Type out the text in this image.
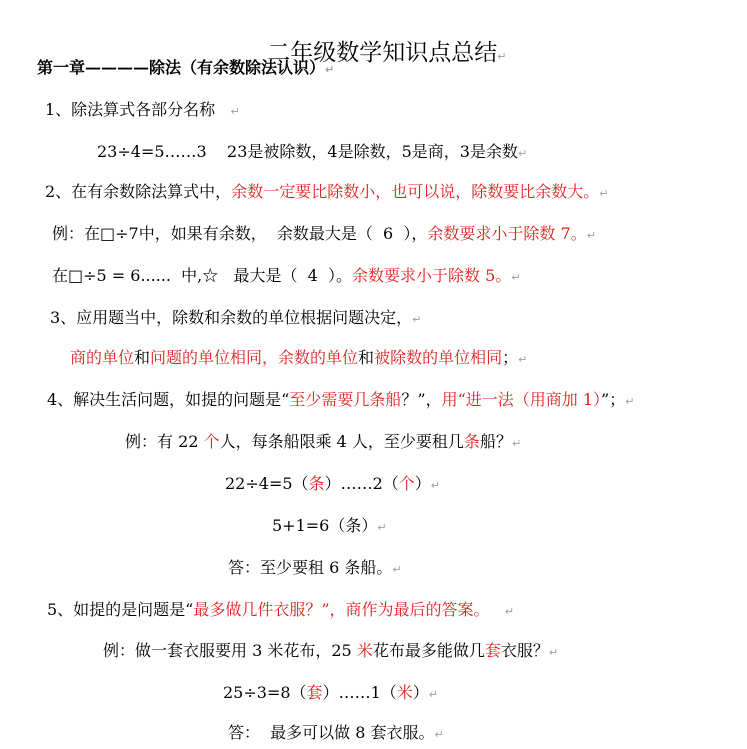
二年级数学知识点总结↵

第一章————除法（有余数除法认识）↵
1、除法算式各部分名称   ↵
23÷4=5……3    23是被除数，4是除数，5是商，3是余数↵
2、在有余数除法算式中，余数一定要比除数小，也可以说，除数要比余数大。↵
例：在□÷7中，如果有余数，  余数最大是（  6  ），余数要求小于除数 7。↵
在□÷5 = 6......  中,☆   最大是（  4  ）。余数要求小于除数 5。↵
3、应用题当中，除数和余数的单位根据问题决定，↵
商的单位和问题的单位相同，余数的单位和被除数的单位相同；↵
4、解决生活问题，如提的问题是“至少需要几条船？”，用“进一法（用商加 1）”；↵
例：有 22 个人，每条船限乘 4 人，至少要租几条船？↵
22÷4=5（条）……2（个）↵
5+1=6（条）↵
答：至少要租 6 条船。↵
5、如提的是问题是“最多做几件衣服？”，商作为最后的答案。 ↵
例：做一套衣服要用 3 米花布，25 米花布最多能做几套衣服？↵
25÷3=8（套）……1（米）↵
答：  最多可以做 8 套衣服。↵
